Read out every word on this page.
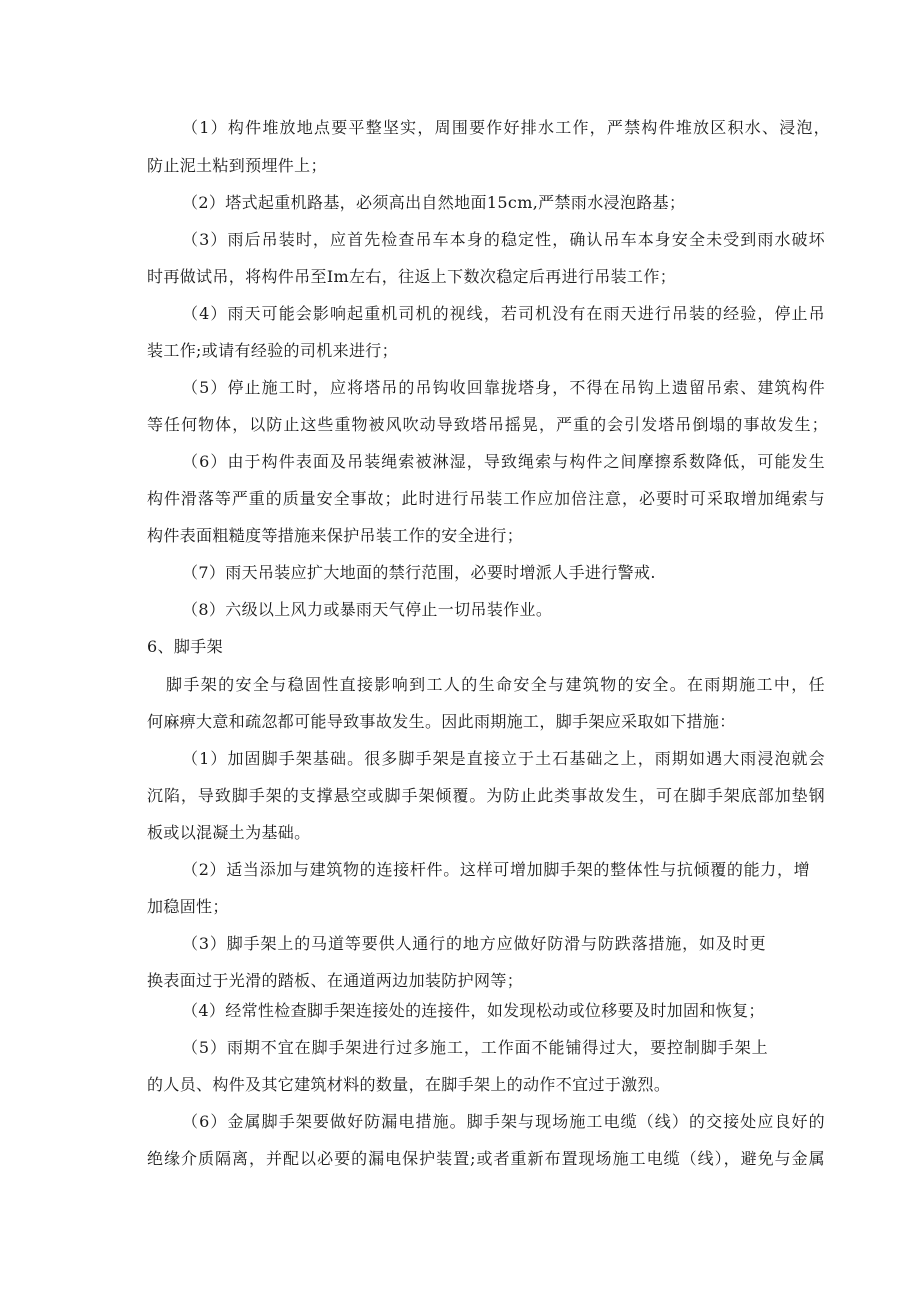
（1）构件堆放地点要平整坚实，周围要作好排水工作，严禁构件堆放区积水、浸泡，
防止泥土粘到预埋件上；
（2）塔式起重机路基，必须高出自然地面15cm,严禁雨水浸泡路基；
（3）雨后吊装时，应首先检查吊车本身的稳定性，确认吊车本身安全未受到雨水破坏
时再做试吊，将构件吊至Im左右，往返上下数次稳定后再进行吊装工作；
（4）雨天可能会影响起重机司机的视线，若司机没有在雨天进行吊装的经验，停止吊
装工作;或请有经验的司机来进行；
（5）停止施工时，应将塔吊的吊钩收回靠拢塔身，不得在吊钩上遗留吊索、建筑构件
等任何物体，以防止这些重物被风吹动导致塔吊摇晃，严重的会引发塔吊倒塌的事故发生；
（6）由于构件表面及吊装绳索被淋湿，导致绳索与构件之间摩擦系数降低，可能发生
构件滑落等严重的质量安全事故；此时进行吊装工作应加倍注意，必要时可采取增加绳索与
构件表面粗糙度等措施来保护吊装工作的安全进行；
（7）雨天吊装应扩大地面的禁行范围，必要时增派人手进行警戒.
（8）六级以上风力或暴雨天气停止一切吊装作业。
6、脚手架
脚手架的安全与稳固性直接影响到工人的生命安全与建筑物的安全。在雨期施工中，任
何麻痹大意和疏忽都可能导致事故发生。因此雨期施工，脚手架应采取如下措施：
（1）加固脚手架基础。很多脚手架是直接立于土石基础之上，雨期如遇大雨浸泡就会
沉陷，导致脚手架的支撑悬空或脚手架倾覆。为防止此类事故发生，可在脚手架底部加垫钢
板或以混凝土为基础。
（2）适当添加与建筑物的连接杆件。这样可增加脚手架的整体性与抗倾覆的能力，增
加稳固性；
（3）脚手架上的马道等要供人通行的地方应做好防滑与防跌落措施，如及时更
换表面过于光滑的踏板、在通道两边加装防护网等；
（4）经常性检查脚手架连接处的连接件，如发现松动或位移要及时加固和恢复；
（5）雨期不宜在脚手架进行过多施工，工作面不能铺得过大，要控制脚手架上
的人员、构件及其它建筑材料的数量，在脚手架上的动作不宜过于激烈。
（6）金属脚手架要做好防漏电措施。脚手架与现场施工电缆（线）的交接处应良好的
绝缘介质隔离，并配以必要的漏电保护装置;或者重新布置现场施工电缆（线），避免与金属
